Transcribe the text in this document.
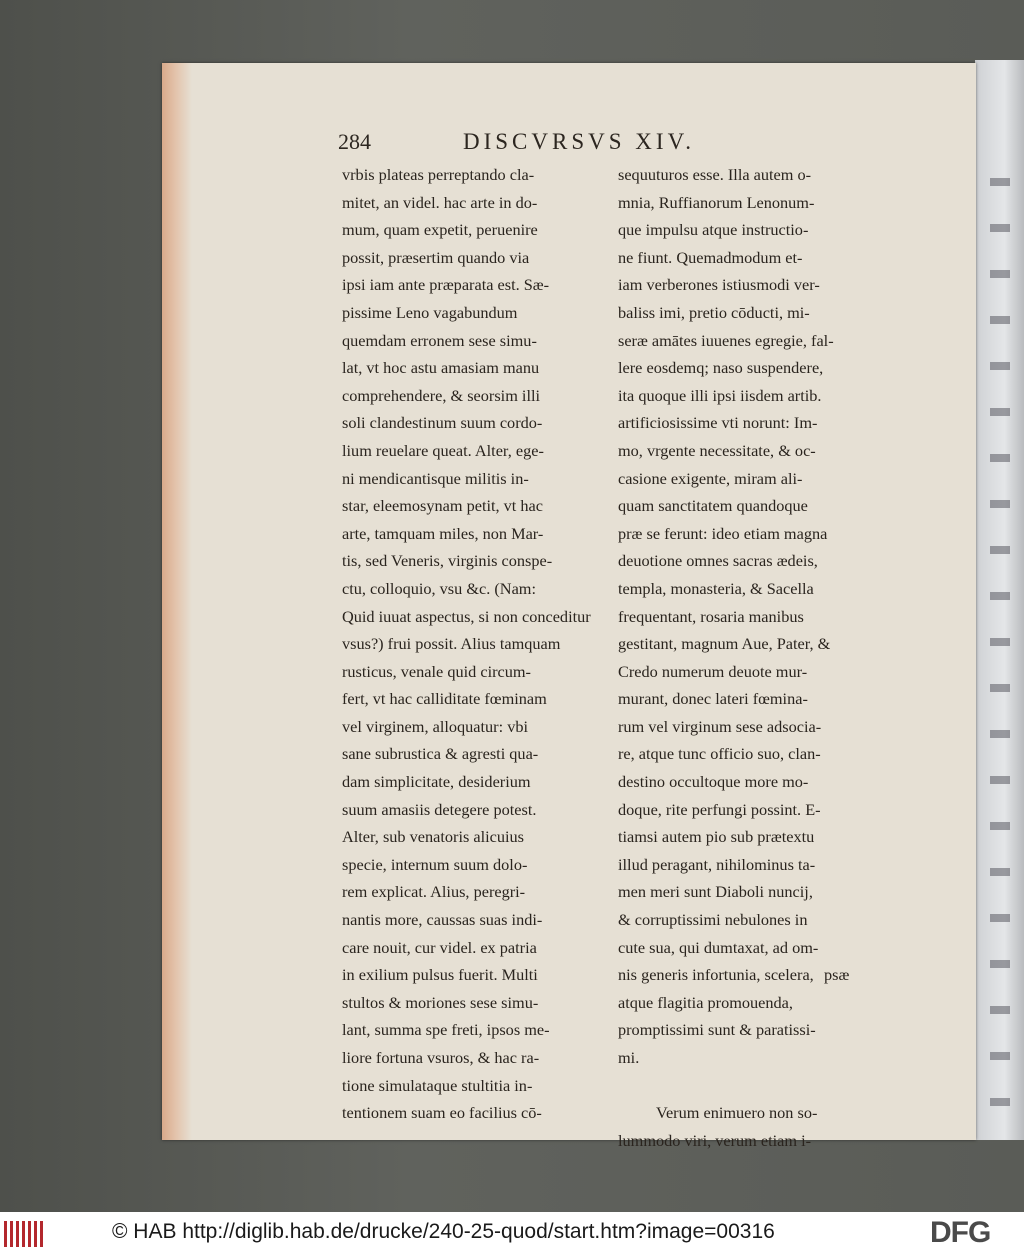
284	DISCVRSVS XIV.
vrbis plateas perreptando cla-
mitet, an videl. hac arte in do-
mum, quam expetit, peruenire
possit, præsertim quando via
ipsi iam ante præparata est. Sæ-
pissime Leno vagabundum
quemdam erronem sese simu-
lat, vt hoc astu amasiam manu
comprehendere, & seorsim illi
soli clandestinum suum cordo-
lium reuelare queat. Alter, ege-
ni mendicantisque militis in-
star, eleemosynam petit, vt hac
arte, tamquam miles, non Mar-
tis, sed Veneris, virginis conspe-
ctu, colloquio, vsu &c. (Nam:
Quid iuuat aspectus, si non conceditur
vsus?) frui possit. Alius tamquam
rusticus, venale quid circum-
fert, vt hac calliditate fœminam
vel virginem, alloquatur: vbi
sane subrustica & agresti qua-
dam simplicitate, desiderium
suum amasiis detegere potest.
Alter, sub venatoris alicuius
specie, internum suum dolo-
rem explicat. Alius, peregri-
nantis more, caussas suas indi-
care nouit, cur videl. ex patria
in exilium pulsus fuerit. Multi
stultos & moriones sese simu-
lant, summa spe freti, ipsos me-
liore fortuna vsuros, & hac ra-
tione simulataque stultitia in-
tentionem suam eo facilius cō-
sequuturos esse. Illa autem o-
mnia, Ruffianorum Lenonum-
que impulsu atque instructio-
ne fiunt. Quemadmodum et-
iam verberones istiusmodi ver-
baliss imi, pretio cōducti, mi-
seræ amātes iuuenes egregie, fal-
lere eosdemq; naso suspendere,
ita quoque illi ipsi iisdem artib.
artificiosissime vti norunt: Im-
mo, vrgente necessitate, & oc-
casione exigente, miram ali-
quam sanctitatem quandoque
præ se ferunt: ideo etiam magna
deuotione omnes sacras ædeis,
templa, monasteria, & Sacella
frequentant, rosaria manibus
gestitant, magnum Aue, Pater, &
Credo numerum deuote mur-
murant, donec lateri fœmina-
rum vel virginum sese adsocia-
re, atque tunc officio suo, clan-
destino occultoque more mo-
doque, rite perfungi possint. E-
tiamsi autem pio sub prætextu
illud peragant, nihilominus ta-
men meri sunt Diaboli nuncij,
& corruptissimi nebulones in
cute sua, qui dumtaxat, ad om-
nis generis infortunia, scelera,
atque flagitia promouenda,
promptissimi sunt & paratissi-
mi.
Verum enimuero non so-
lummodo viri, verum etiam i-
psæ
© HAB http://diglib.hab.de/drucke/240-25-quod/start.htm?image=00316	DFG
